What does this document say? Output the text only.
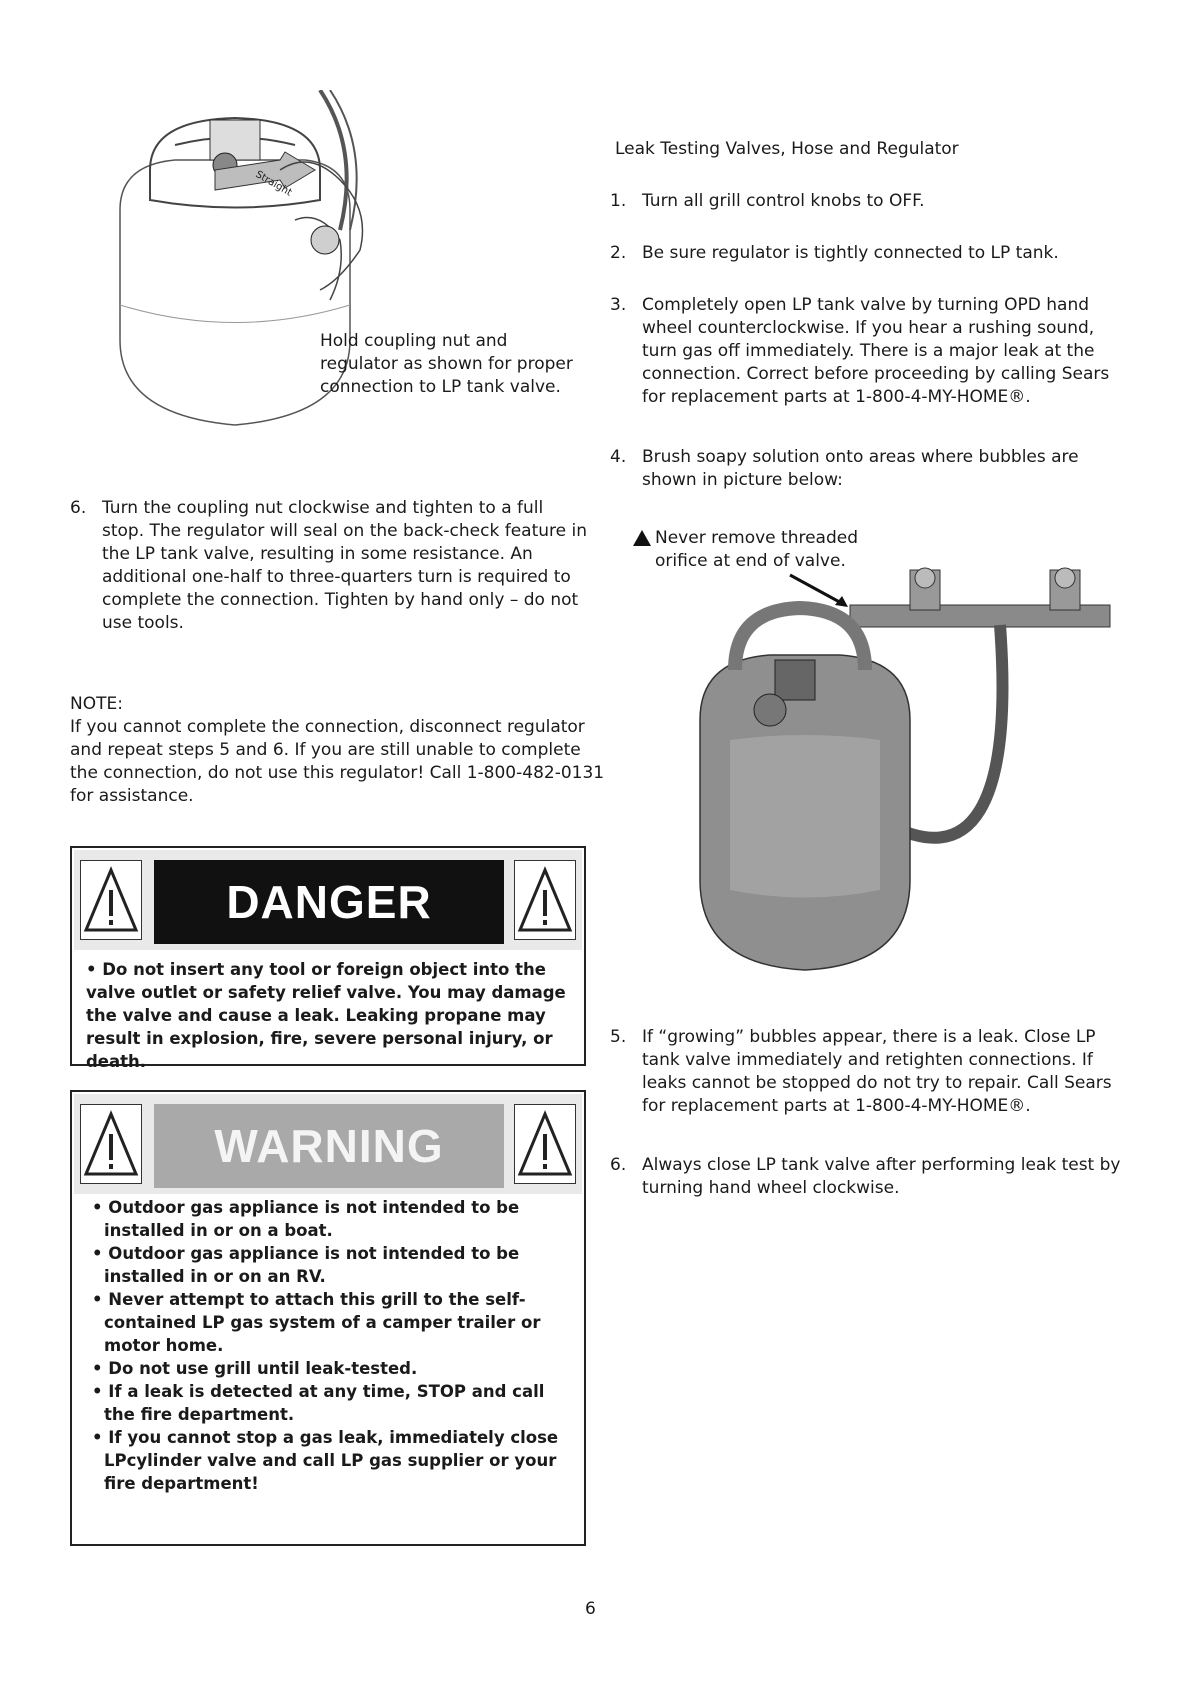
Straight
Hold coupling nut and regulator as shown for proper connection to LP tank valve.
6. Turn the coupling nut clockwise and tighten to a full stop. The regulator will seal on the back-check feature in the LP tank valve, resulting in some resistance. An additional one-half to three-quarters turn is required to complete the connection. Tighten by hand only – do not use tools.
NOTE:
If you cannot complete the connection, disconnect regulator and repeat steps 5 and 6. If you are still unable to complete the connection, do not use this regulator! Call 1-800-482-0131 for assistance.
DANGER
• Do not insert any tool or foreign object into the valve outlet or safety relief valve. You may damage the valve and cause a leak. Leaking propane may result in explosion, fire, severe personal injury, or death.
WARNING
• Outdoor gas appliance is not intended to be installed in or on a boat.
• Outdoor gas appliance is not intended to be installed in or on an RV.
• Never attempt to attach this grill to the self-contained LP gas system of a camper trailer or motor home.
• Do not use grill until leak-tested.
• If a leak is detected at any time, STOP and call the fire department.
• If you cannot stop a gas leak, immediately close LPcylinder valve and call LP gas supplier or your fire department!
Leak Testing Valves, Hose and Regulator
1. Turn all grill control knobs to OFF.
2. Be sure regulator is tightly connected to LP tank.
3. Completely open LP tank valve by turning OPD hand wheel counterclockwise. If you hear a rushing sound, turn gas off immediately. There is a major leak at the connection. Correct before proceeding by calling Sears for replacement parts at 1-800-4-MY-HOME®.
4. Brush soapy solution onto areas where bubbles are shown in picture below:
Never remove threaded orifice at end of valve.
5. If “growing” bubbles appear, there is a leak. Close LP tank valve immediately and retighten connections. If leaks cannot be stopped do not try to repair. Call Sears for replacement parts at 1-800-4-MY-HOME®.
6. Always close LP tank valve after performing leak test by turning hand wheel clockwise.
6
